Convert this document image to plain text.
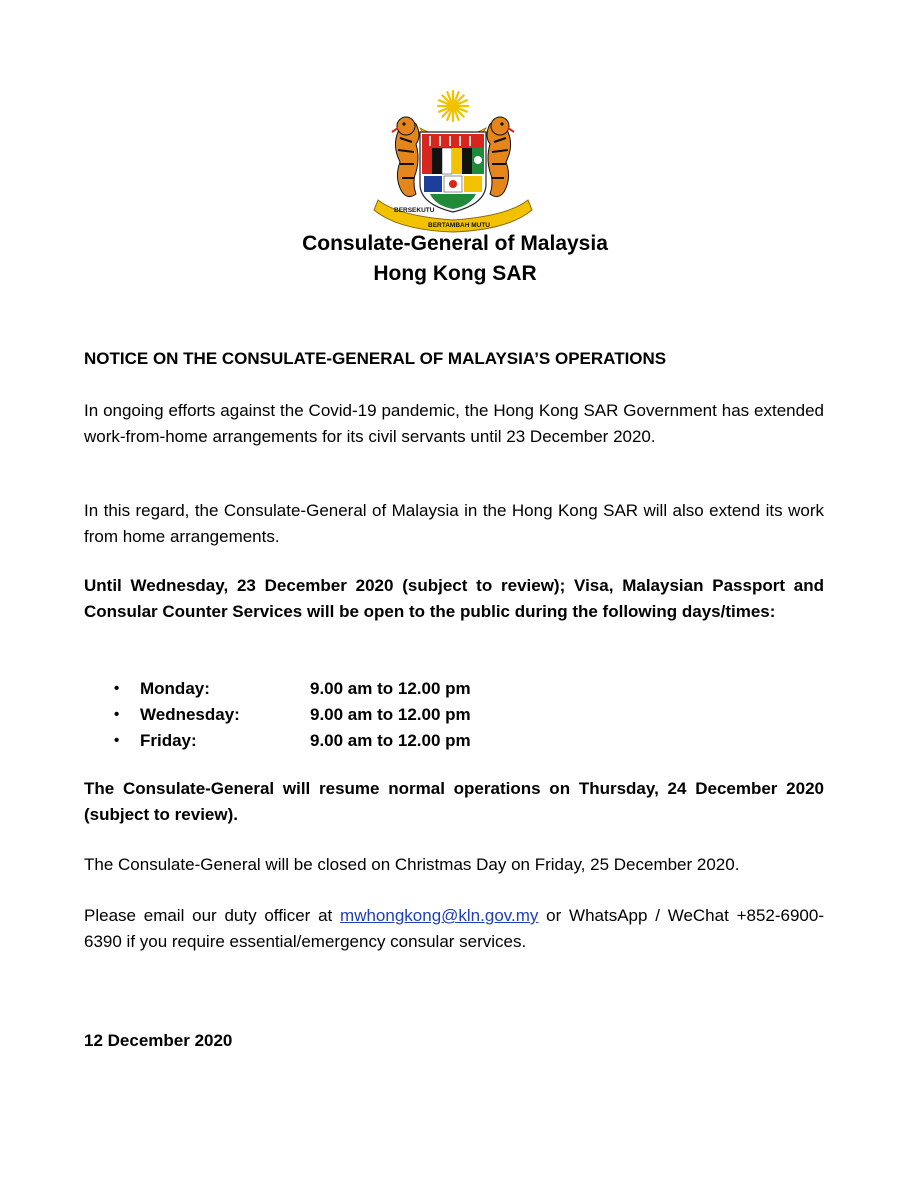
BERSEKUTU
BERTAMBAH MUTU
Consulate-General of Malaysia
Hong Kong SAR
NOTICE ON THE CONSULATE-GENERAL OF MALAYSIA’S OPERATIONS
In ongoing efforts against the Covid-19 pandemic, the Hong Kong SAR Government has extended work-from-home arrangements for its civil servants until 23 December 2020.
In this regard, the Consulate-General of Malaysia in the Hong Kong SAR will also extend its work from home arrangements.
Until Wednesday, 23 December 2020 (subject to review); Visa, Malaysian Passport and Consular Counter Services will be open to the public during the following days/times:
• Monday:	9.00 am to 12.00 pm
• Wednesday:	9.00 am to 12.00 pm
• Friday:	9.00 am to 12.00 pm
The Consulate-General will resume normal operations on Thursday, 24 December 2020 (subject to review).
The Consulate-General will be closed on Christmas Day on Friday, 25 December 2020.
Please email our duty officer at mwhongkong@kln.gov.my or WhatsApp / WeChat +852-6900-6390 if you require essential/emergency consular services.
12 December 2020
